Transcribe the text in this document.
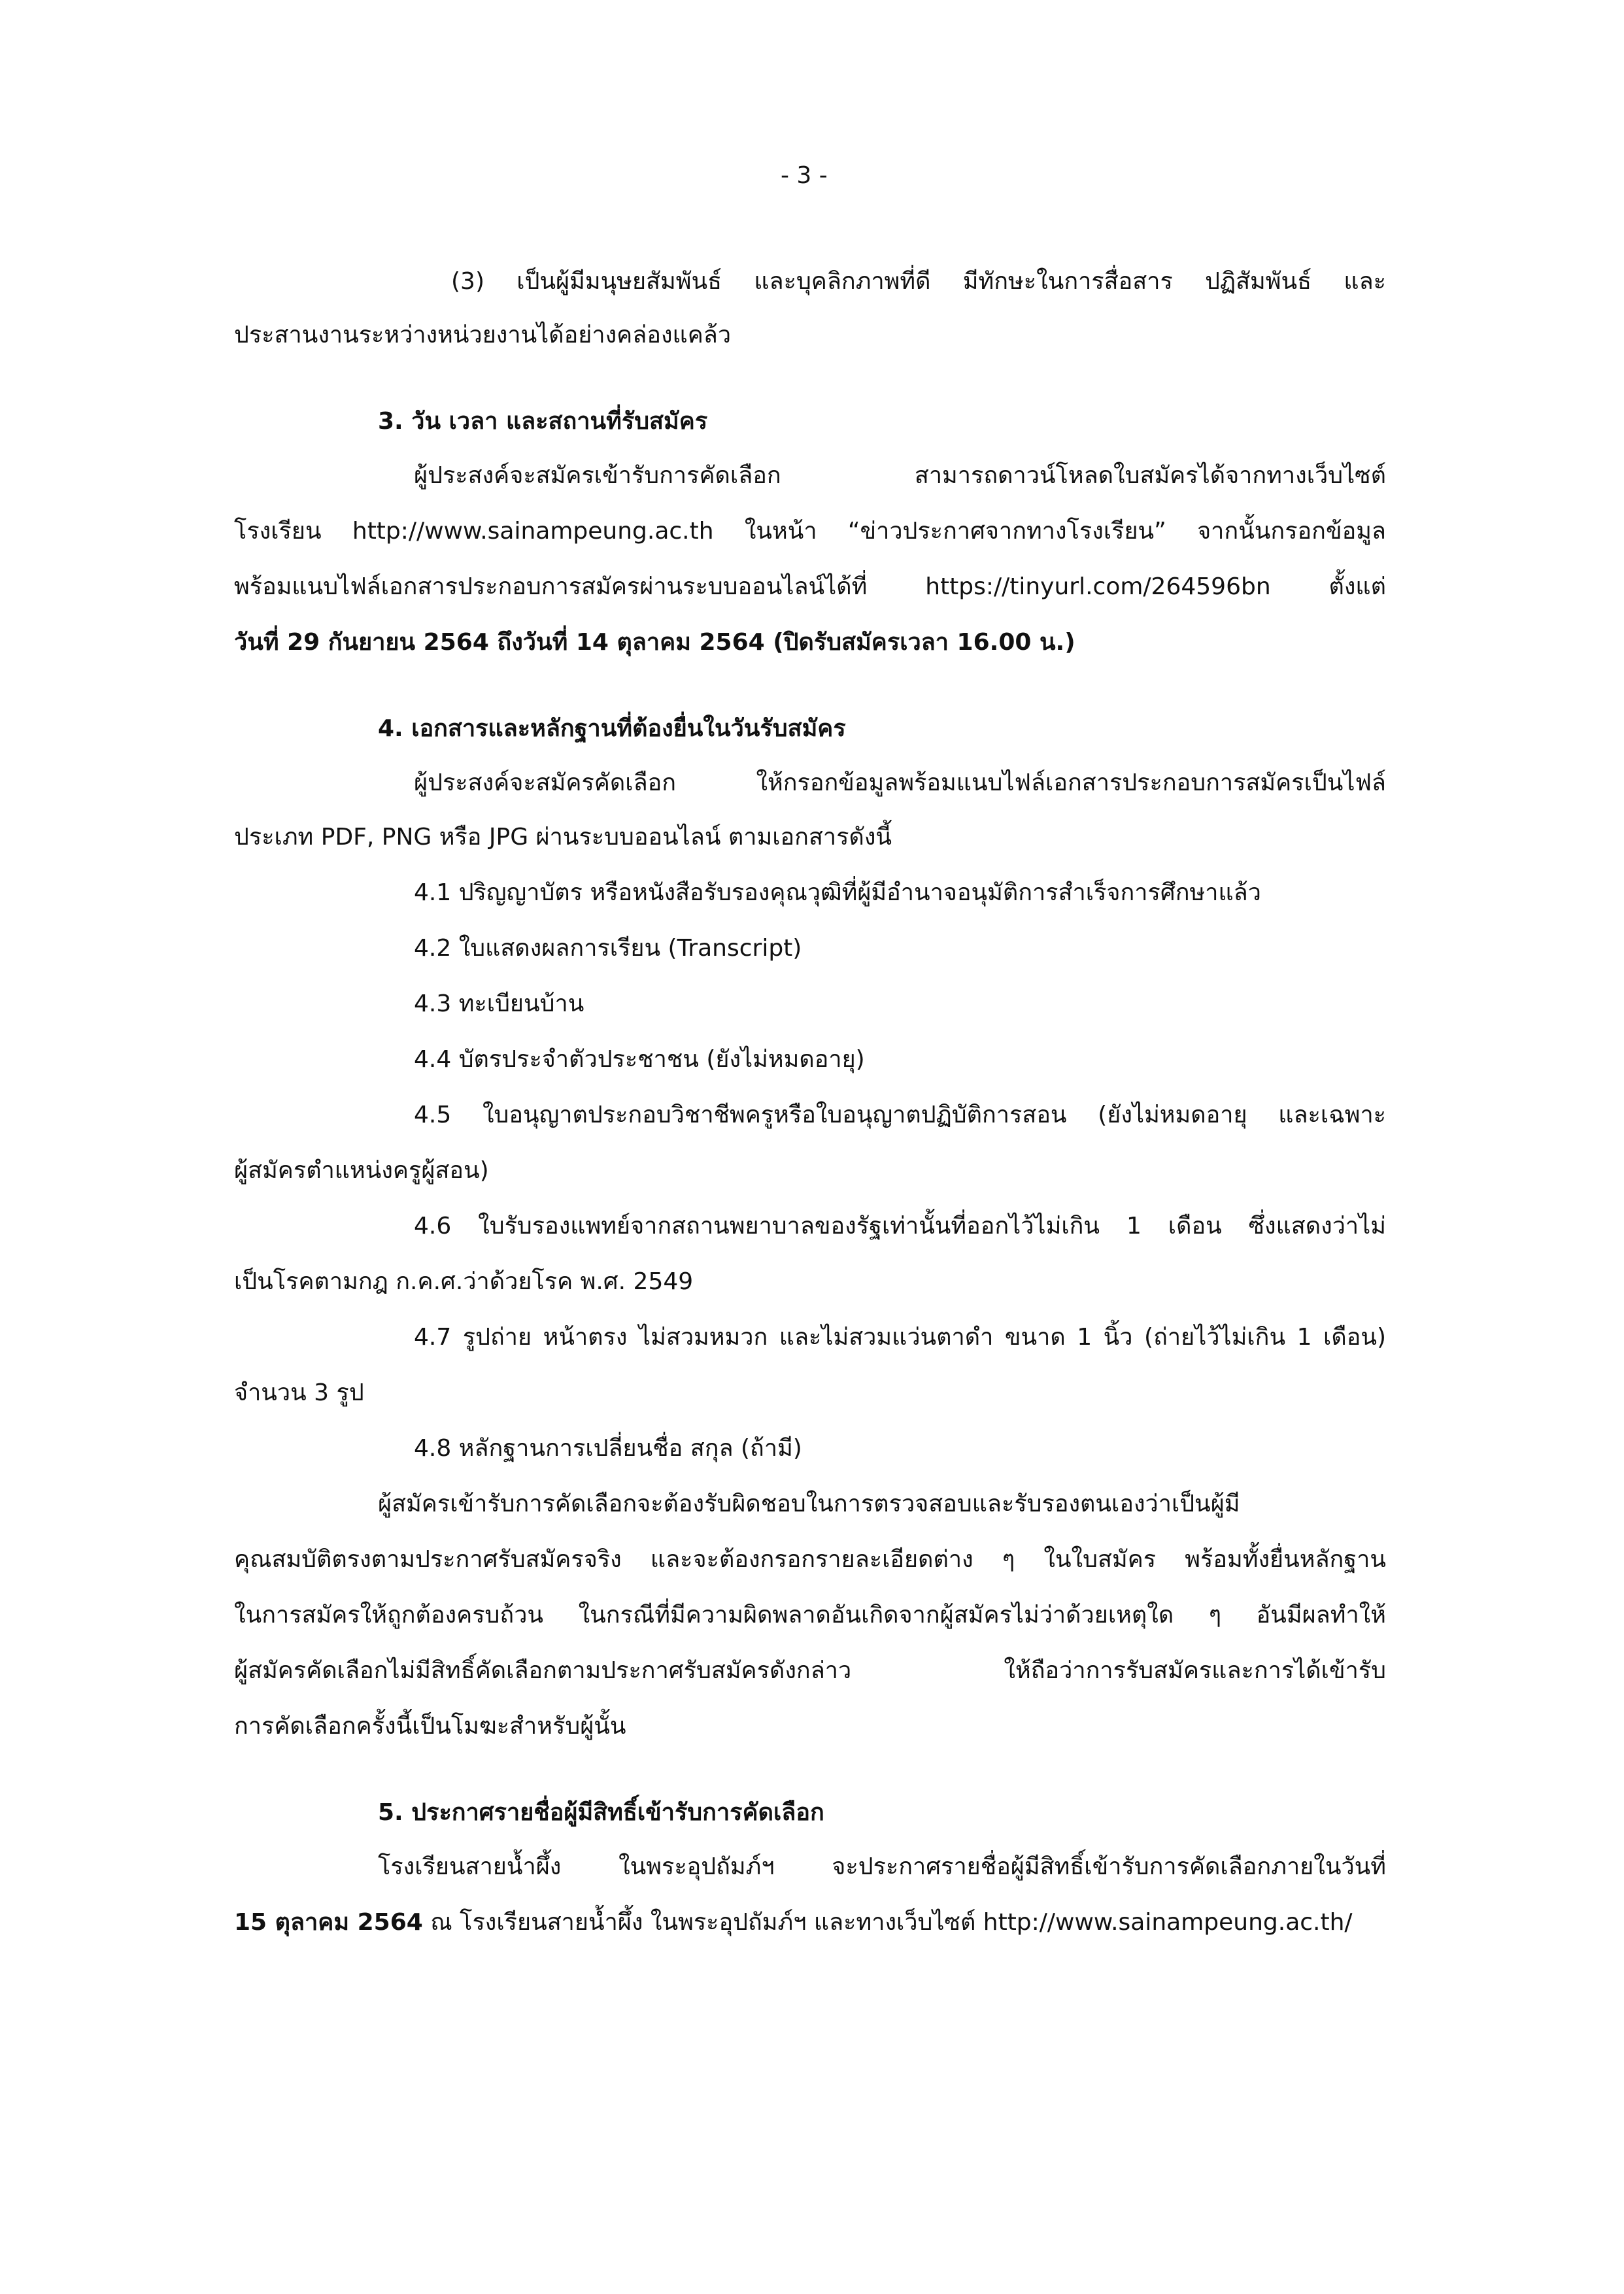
- 3 -

(3) เป็นผู้มีมนุษยสัมพันธ์ และบุคลิกภาพที่ดี มีทักษะในการสื่อสาร ปฏิสัมพันธ์ และ

ประสานงานระหว่างหน่วยงานได้อย่างคล่องแคล้ว

3. วัน เวลา และสถานที่รับสมัคร

ผู้ประสงค์จะสมัครเข้ารับการคัดเลือก สามารถดาวน์โหลดใบสมัครได้จากทางเว็บไซต์

โรงเรียน http://www.sainampeung.ac.th ในหน้า “ข่าวประกาศจากทางโรงเรียน” จากนั้นกรอกข้อมูล

พร้อมแนบไฟล์เอกสารประกอบการสมัครผ่านระบบออนไลน์ได้ที่ https://tinyurl.com/264596bn ตั้งแต่

วันที่ 29 กันยายน 2564 ถึงวันที่ 14 ตุลาคม 2564 (ปิดรับสมัครเวลา 16.00 น.)

4. เอกสารและหลักฐานที่ต้องยื่นในวันรับสมัคร

ผู้ประสงค์จะสมัครคัดเลือก ให้กรอกข้อมูลพร้อมแนบไฟล์เอกสารประกอบการสมัครเป็นไฟล์

ประเภท PDF, PNG หรือ JPG ผ่านระบบออนไลน์ ตามเอกสารดังนี้

4.1 ปริญญาบัตร หรือหนังสือรับรองคุณวุฒิที่ผู้มีอำนาจอนุมัติการสำเร็จการศึกษาแล้ว

4.2 ใบแสดงผลการเรียน (Transcript)

4.3 ทะเบียนบ้าน

4.4 บัตรประจำตัวประชาชน (ยังไม่หมดอายุ)

4.5 ใบอนุญาตประกอบวิชาชีพครูหรือใบอนุญาตปฏิบัติการสอน (ยังไม่หมดอายุ และเฉพาะ

ผู้สมัครตำแหน่งครูผู้สอน)

4.6 ใบรับรองแพทย์จากสถานพยาบาลของรัฐเท่านั้นที่ออกไว้ไม่เกิน 1 เดือน ซึ่งแสดงว่าไม่

เป็นโรคตามกฎ ก.ค.ศ.ว่าด้วยโรค พ.ศ. 2549

4.7 รูปถ่าย หน้าตรง ไม่สวมหมวก และไม่สวมแว่นตาดำ ขนาด 1 นิ้ว (ถ่ายไว้ไม่เกิน 1 เดือน)

จำนวน 3 รูป

4.8 หลักฐานการเปลี่ยนชื่อ สกุล (ถ้ามี)

ผู้สมัครเข้ารับการคัดเลือกจะต้องรับผิดชอบในการตรวจสอบและรับรองตนเองว่าเป็นผู้มี

คุณสมบัติตรงตามประกาศรับสมัครจริง และจะต้องกรอกรายละเอียดต่าง ๆ ในใบสมัคร พร้อมทั้งยื่นหลักฐาน

ในการสมัครให้ถูกต้องครบถ้วน ในกรณีที่มีความผิดพลาดอันเกิดจากผู้สมัครไม่ว่าด้วยเหตุใด ๆ อันมีผลทำให้

ผู้สมัครคัดเลือกไม่มีสิทธิ์คัดเลือกตามประกาศรับสมัครดังกล่าว ให้ถือว่าการรับสมัครและการได้เข้ารับ

การคัดเลือกครั้งนี้เป็นโมฆะสำหรับผู้นั้น

5. ประกาศรายชื่อผู้มีสิทธิ์เข้ารับการคัดเลือก

โรงเรียนสายน้ำผึ้ง ในพระอุปถัมภ์ฯ จะประกาศรายชื่อผู้มีสิทธิ์เข้ารับการคัดเลือกภายในวันที่

15 ตุลาคม 2564 ณ โรงเรียนสายน้ำผึ้ง ในพระอุปถัมภ์ฯ และทางเว็บไซต์ http://www.sainampeung.ac.th/
